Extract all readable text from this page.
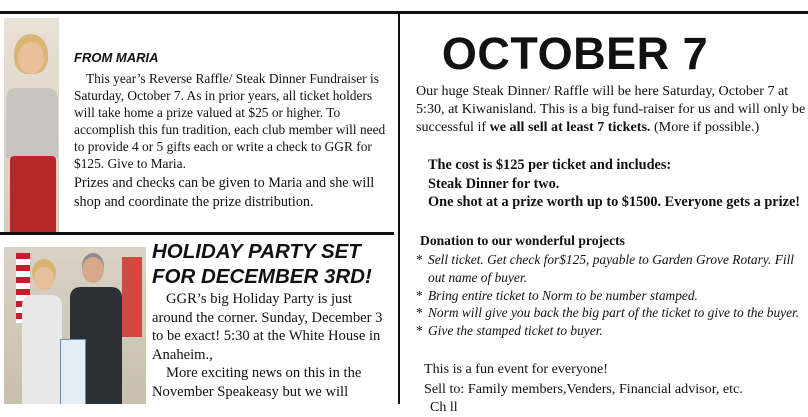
FROM MARIA
This year’s Reverse Raffle/ Steak Dinner Fundraiser is Saturday, October 7. As in prior years, all ticket holders will take home a prize valued at $25 or higher. To accomplish this fun tradition, each club member will need to provide 4 or 5 gifts each or write a check to GGR for $125. Give to Maria.
Prizes and checks can be given to Maria and she will shop and coordinate the prize distribution.
HOLIDAY PARTY SET FOR DECEMBER 3RD!
GGR’s big Holiday Party is just around the corner. Sunday, December 3 to be exact! 5:30 at the White House in Anaheim.,
More exciting news on this in the November Speakeasy but we will
OCTOBER 7
Our huge Steak Dinner/ Raffle will be here Saturday, October 7 at 5:30, at Kiwanisland. This is a big fund-raiser for us and will only be successful if we all sell at least 7 tickets. (More if possible.)
The cost is $125 per ticket and includes:
Steak Dinner for two.
One shot at a prize worth up to $1500. Everyone gets a prize!
Donation to our wonderful projects
* Sell ticket. Get check for$125, payable to Garden Grove Rotary. Fill out name of buyer.
* Bring entire ticket to Norm to be number stamped.
* Norm will give you back the big part of the ticket to give to the buyer.
* Give the stamped ticket to buyer.
This is a fun event for everyone!
Sell to: Family members,Venders, Financial advisor, etc.
Ch ll
